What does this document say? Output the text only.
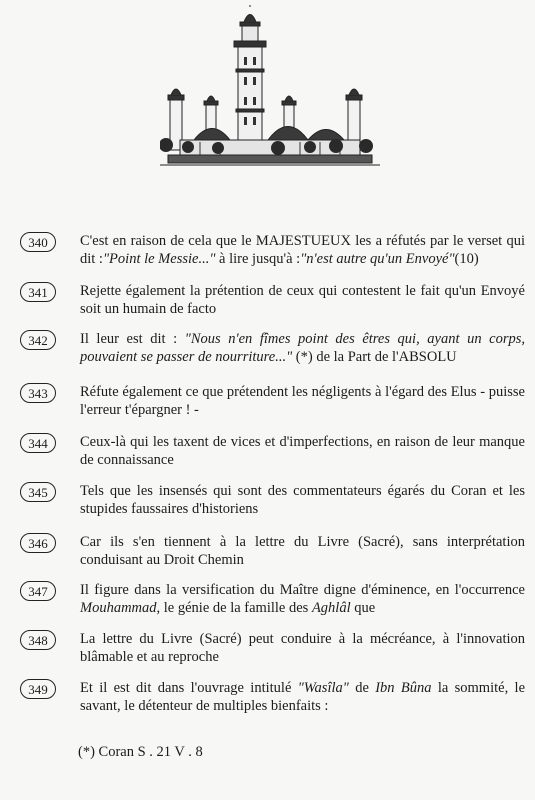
340	C'est en raison de cela que le MAJESTUEUX les a réfutés par le verset qui dit :"Point le Messie..." à lire jusqu'à :"n'est autre qu'un Envoyé"(10)
341	Rejette également la prétention de ceux qui contestent le fait qu'un Envoyé soit un humain de facto
342	Il leur est dit : "Nous n'en fîmes point des êtres qui, ayant un corps, pouvaient se passer de nourriture..." (*) de la Part de l'ABSOLU
343	Réfute également ce que prétendent les négligents à l'égard des Elus - puisse l'erreur t'épargner ! -
344	Ceux-là qui les taxent de vices et d'imperfections, en raison de leur manque de connaissance
345	Tels que les insensés qui sont des commentateurs égarés du Coran et les stupides faussaires d'historiens
346	Car ils s'en tiennent à la lettre du Livre (Sacré), sans interprétation conduisant au Droit Chemin
347	Il figure dans la versification du Maître digne d'éminence, en l'occurrence Mouhammad, le génie de la famille des Aghlâl que
348	La lettre du Livre (Sacré) peut conduire à la mécréance, à l'innovation blâmable et au reproche
349	Et il est dit dans l'ouvrage intitulé "Wasîla" de Ibn Bûna la sommité, le savant, le détenteur de multiples bienfaits :
(*) Coran S . 21 V . 8
